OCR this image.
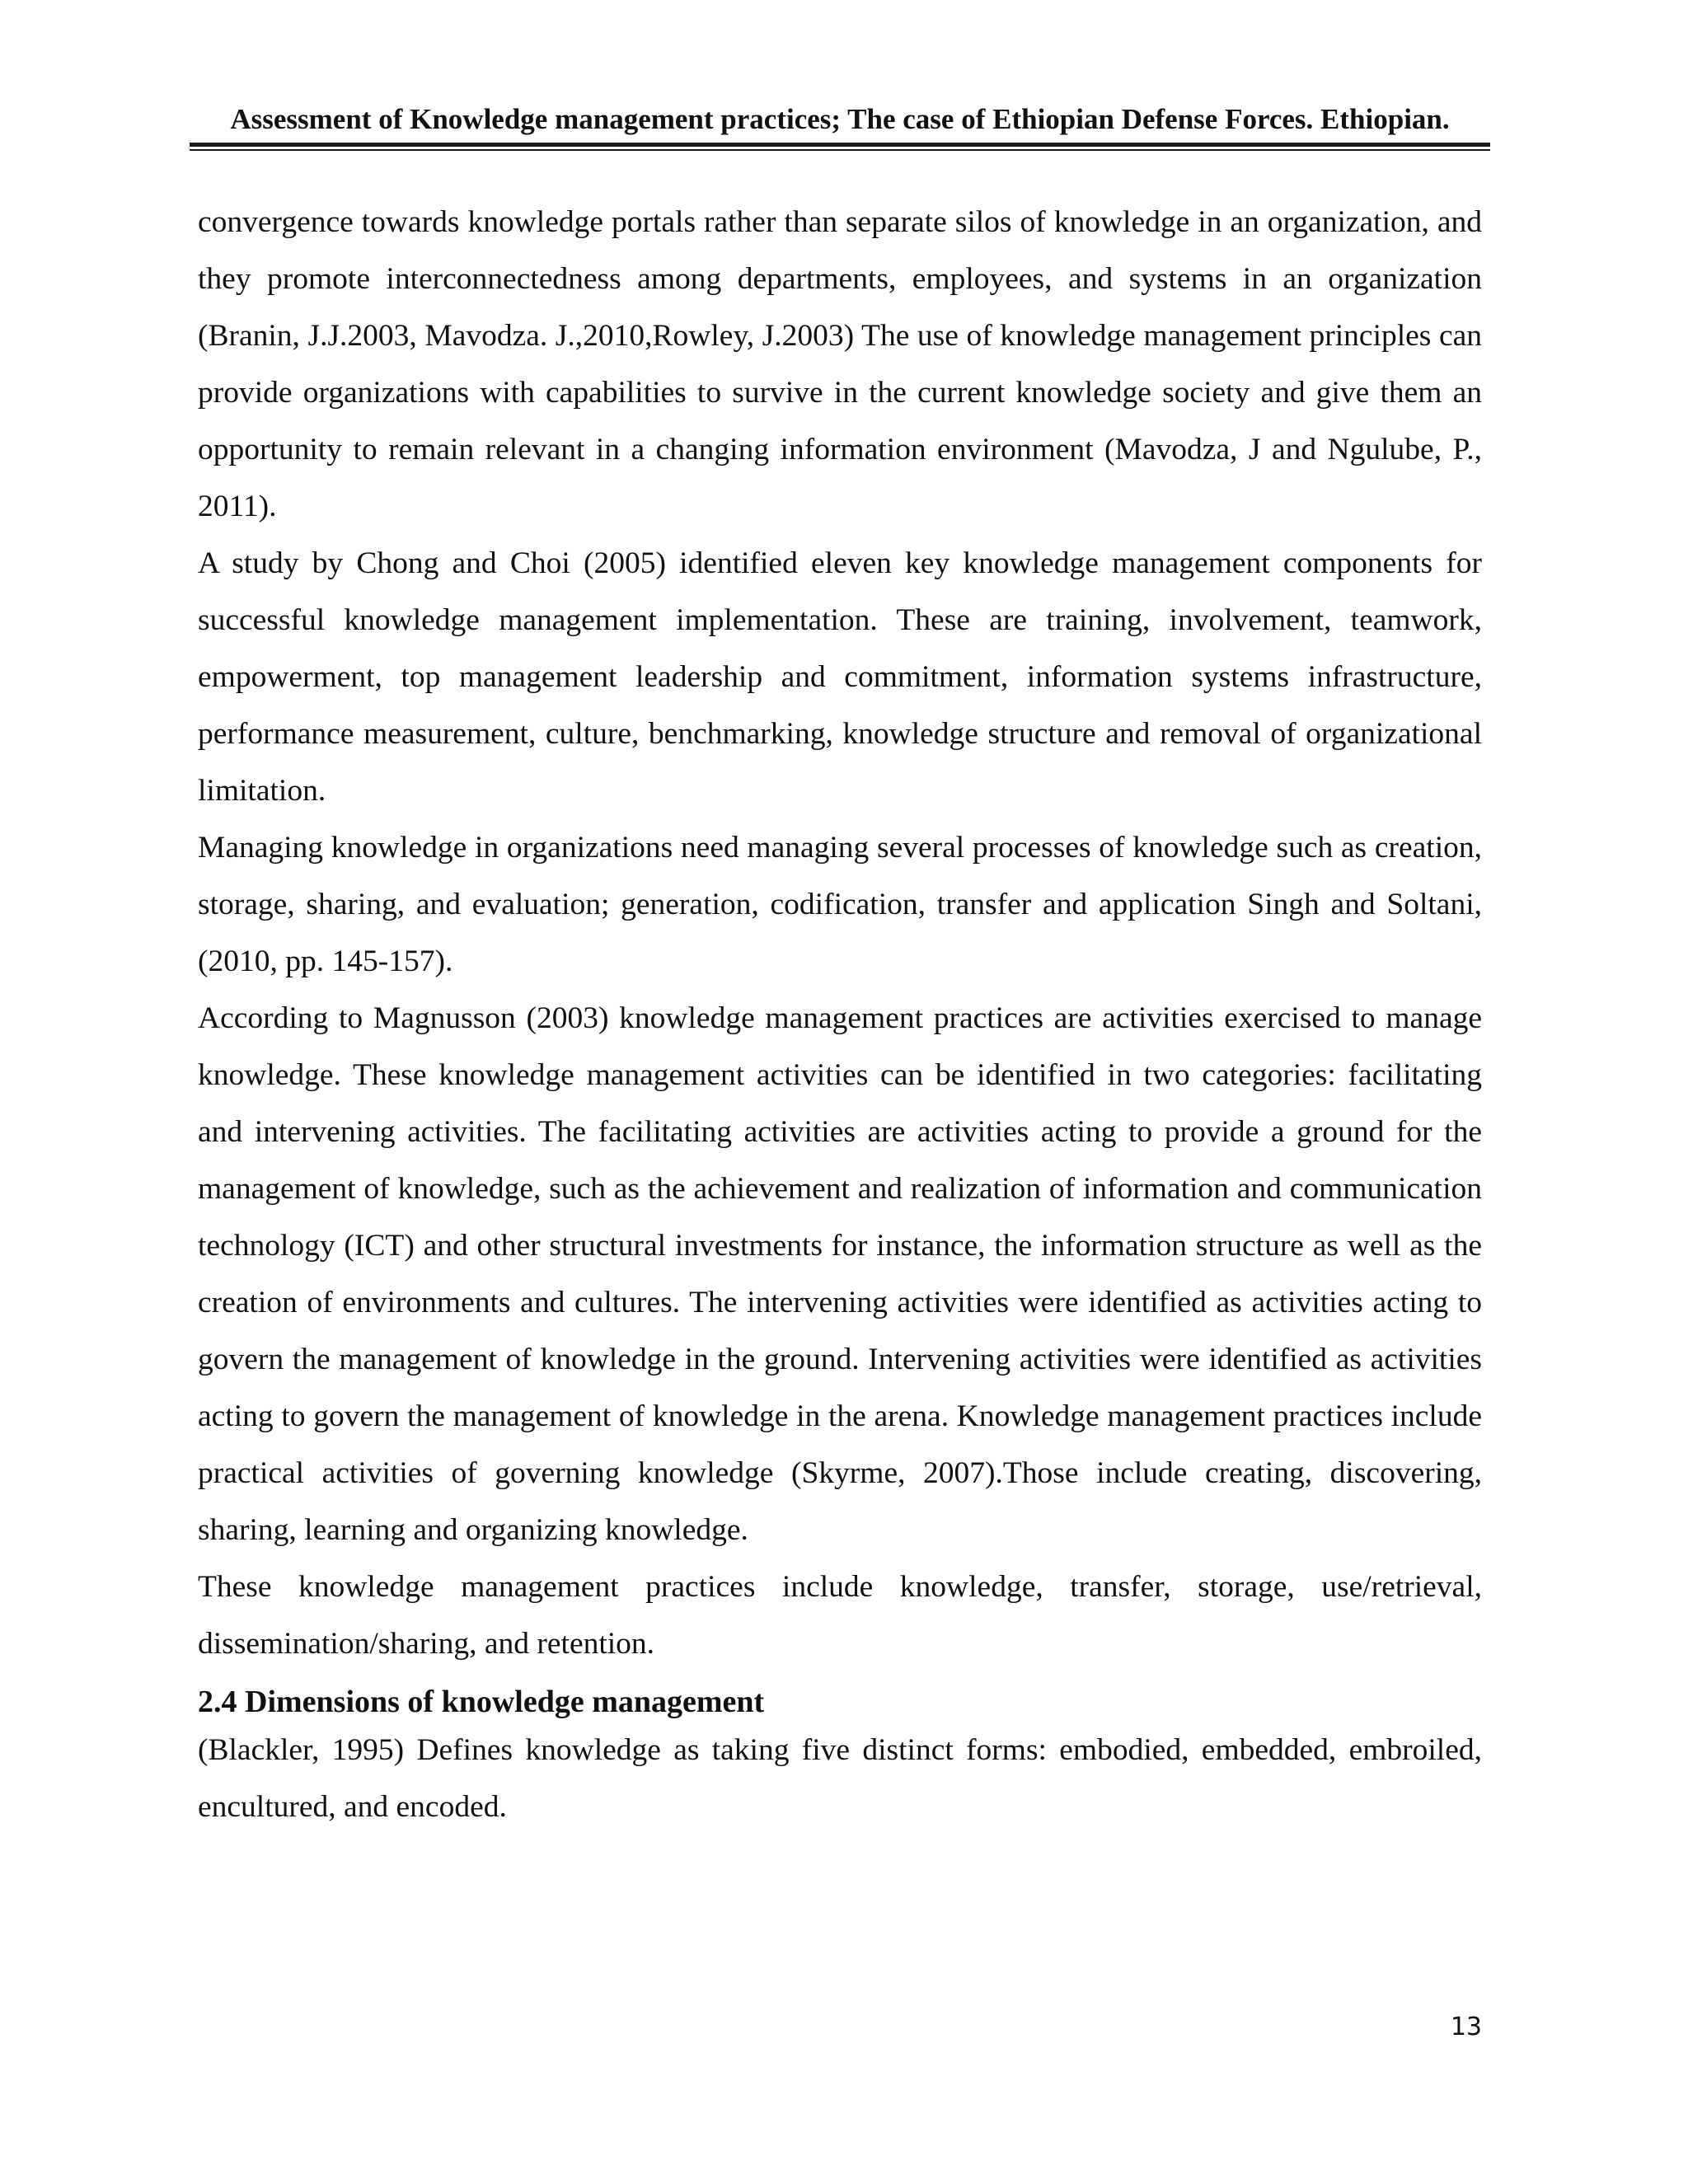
Assessment of Knowledge management practices; The case of Ethiopian Defense Forces. Ethiopian.

convergence towards knowledge portals rather than separate silos of knowledge in an organization, and they promote interconnectedness among departments, employees, and systems in an organization (Branin, J.J.2003, Mavodza. J.,2010,Rowley, J.2003) The use of knowledge management principles can provide organizations with capabilities to survive in the current knowledge society and give them an opportunity to remain relevant in a changing information environment (Mavodza, J and Ngulube, P., 2011).

A study by Chong and Choi (2005) identified eleven key knowledge management components for successful knowledge management implementation. These are training, involvement, teamwork, empowerment, top management leadership and commitment, information systems infrastructure, performance measurement, culture, benchmarking, knowledge structure and removal of organizational limitation.

Managing knowledge in organizations need managing several processes of knowledge such as creation, storage, sharing, and evaluation; generation, codification, transfer and application Singh and Soltani, (2010, pp. 145-157).

According to Magnusson (2003) knowledge management practices are activities exercised to manage knowledge. These knowledge management activities can be identified in two categories: facilitating and intervening activities. The facilitating activities are activities acting to provide a ground for the management of knowledge, such as the achievement and realization of information and communication technology (ICT) and other structural investments for instance, the information structure as well as the creation of environments and cultures. The intervening activities were identified as activities acting to govern the management of knowledge in the ground. Intervening activities were identified as activities acting to govern the management of knowledge in the arena. Knowledge management practices include practical activities of governing knowledge (Skyrme, 2007).Those include creating, discovering, sharing, learning and organizing knowledge.

These knowledge management practices include knowledge, transfer, storage, use/retrieval, dissemination/sharing, and retention.

2.4 Dimensions of knowledge management

(Blackler, 1995) Defines knowledge as taking five distinct forms: embodied, embedded, embroiled, encultured, and encoded.

13
